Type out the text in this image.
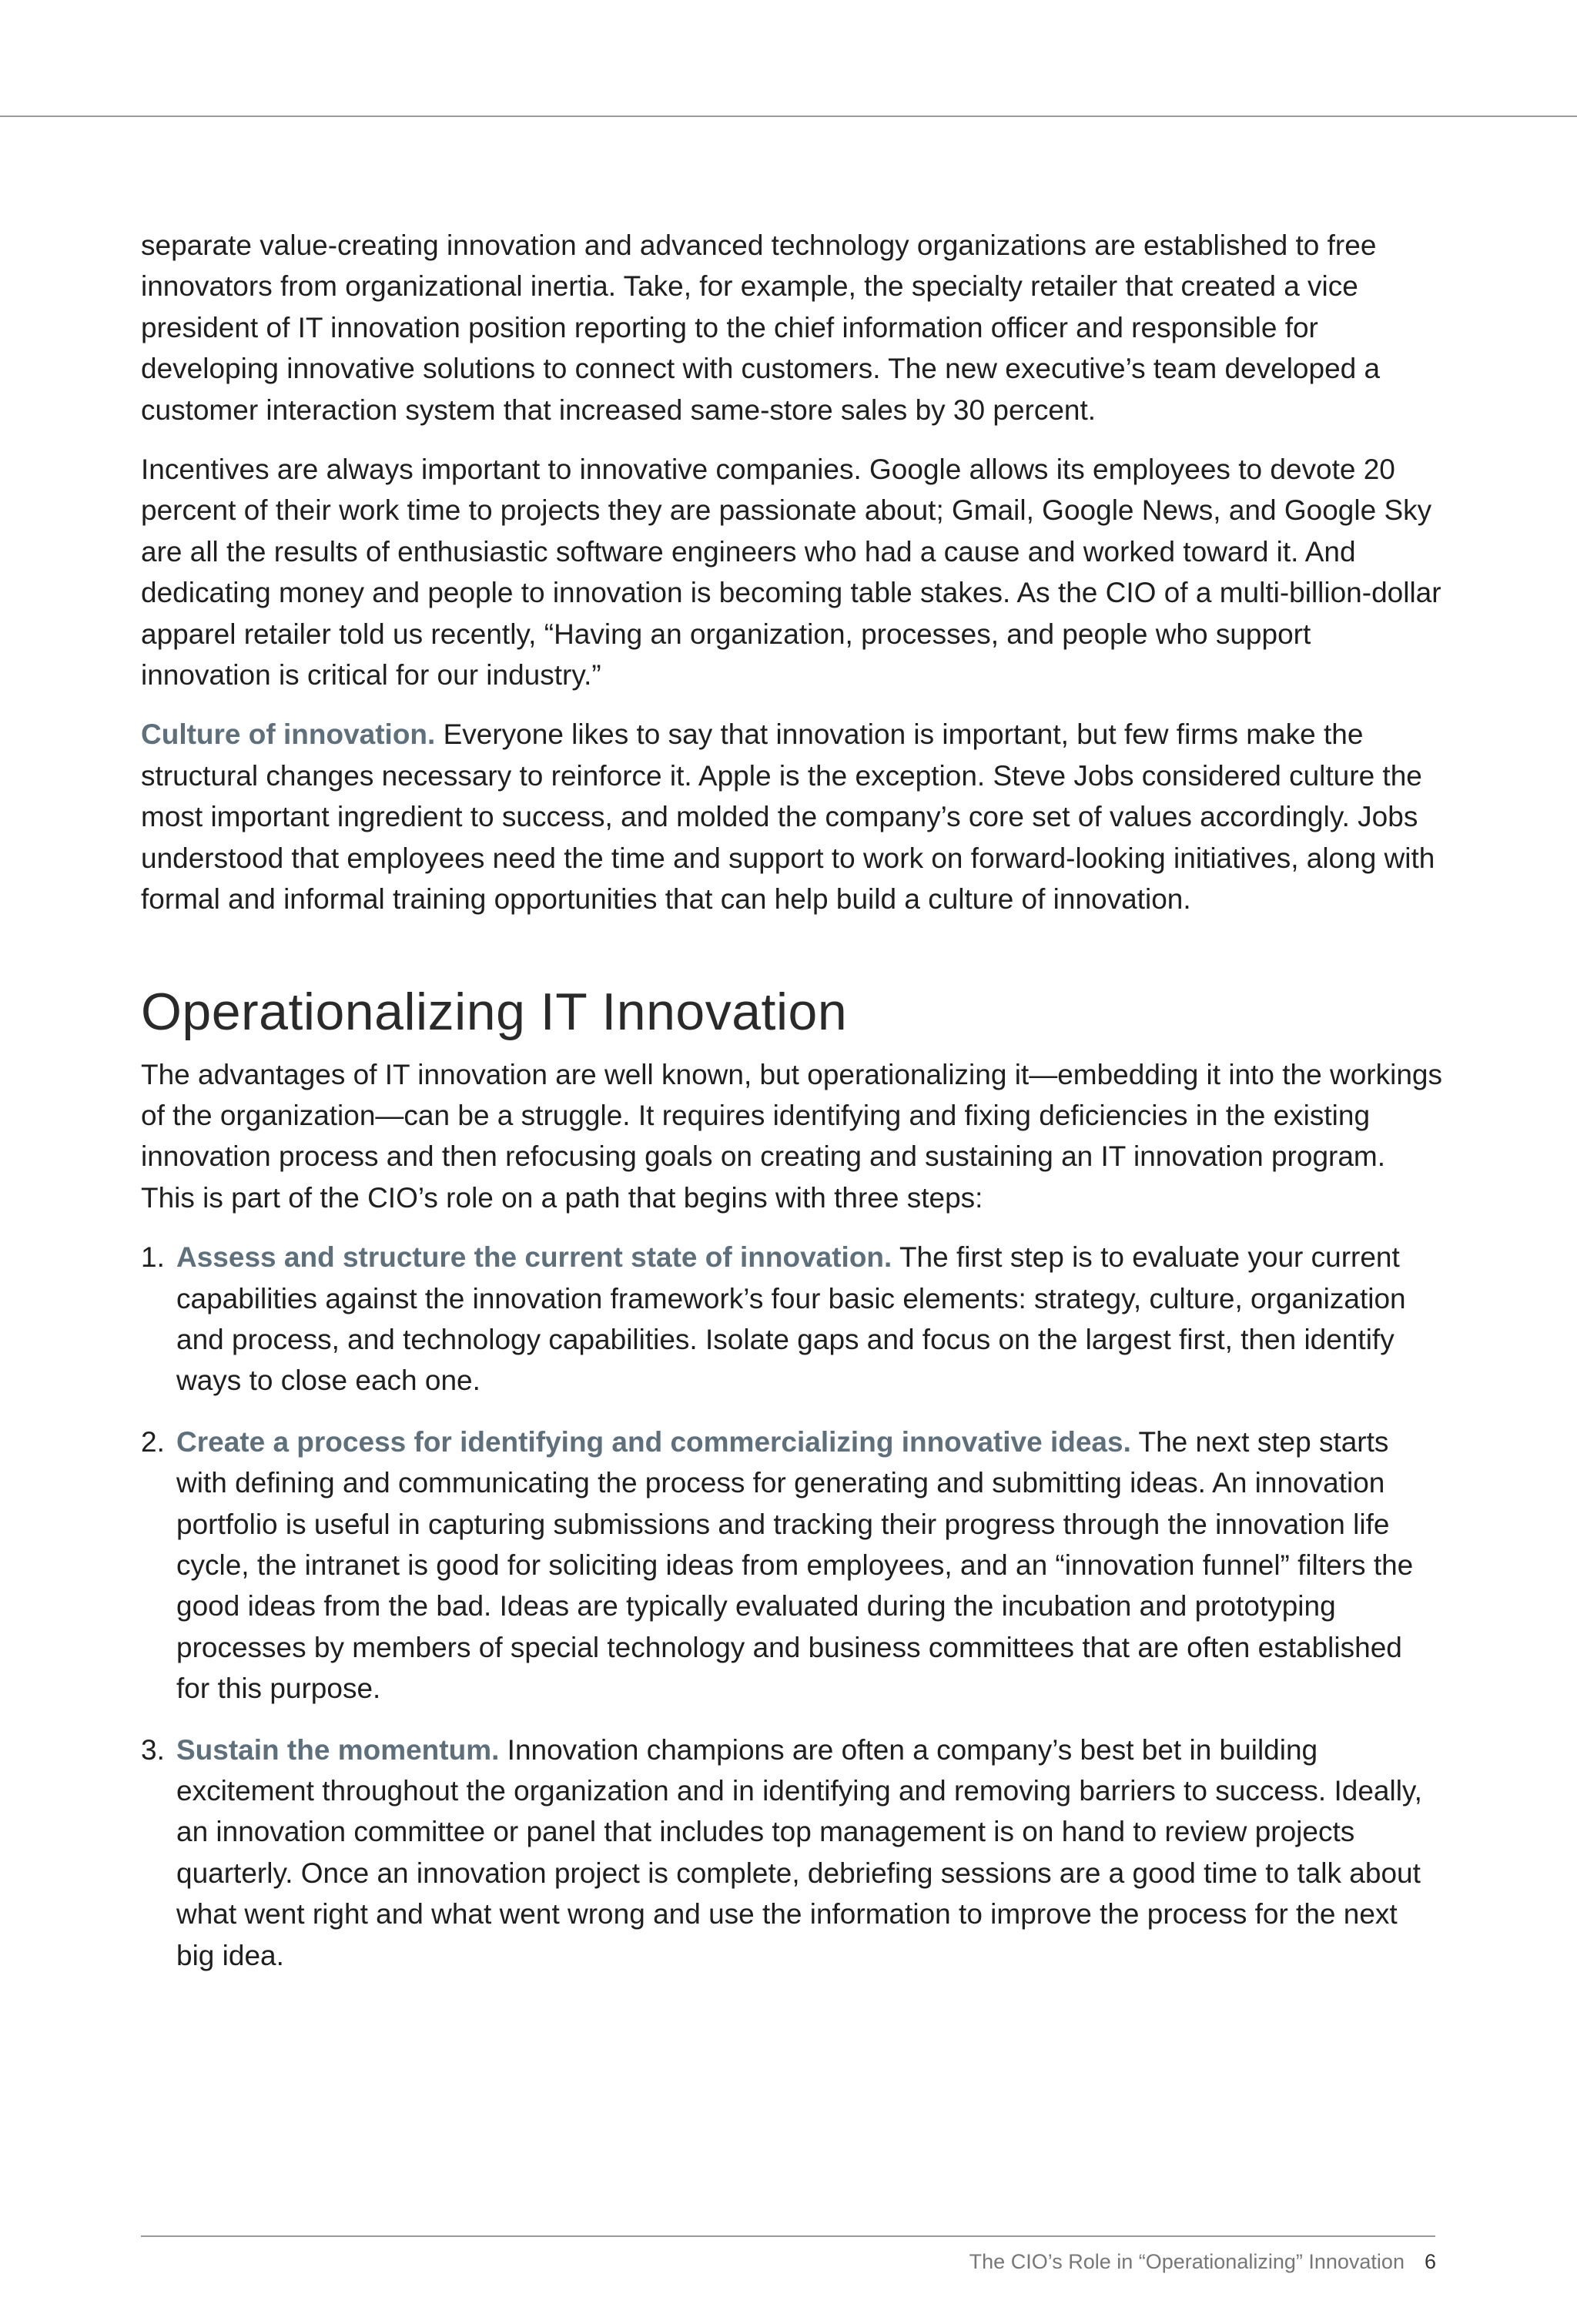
separate value-creating innovation and advanced technology organizations are established to free innovators from organizational inertia. Take, for example, the specialty retailer that created a vice president of IT innovation position reporting to the chief information officer and responsible for developing innovative solutions to connect with customers. The new executive’s team developed a customer interaction system that increased same-store sales by 30 percent.

Incentives are always important to innovative companies. Google allows its employees to devote 20 percent of their work time to projects they are passionate about; Gmail, Google News, and Google Sky are all the results of enthusiastic software engineers who had a cause and worked toward it. And dedicating money and people to innovation is becoming table stakes. As the CIO of a multi-billion-dollar apparel retailer told us recently, “Having an organization, processes, and people who support innovation is critical for our industry.”

Culture of innovation. Everyone likes to say that innovation is important, but few firms make the structural changes necessary to reinforce it. Apple is the exception. Steve Jobs considered culture the most important ingredient to success, and molded the company’s core set of values accordingly. Jobs understood that employees need the time and support to work on forward-looking initiatives, along with formal and informal training opportunities that can help build a culture of innovation.

Operationalizing IT Innovation

The advantages of IT innovation are well known, but operationalizing it—embedding it into the workings of the organization—can be a struggle. It requires identifying and fixing deficiencies in the existing innovation process and then refocusing goals on creating and sustaining an IT innovation program. This is part of the CIO’s role on a path that begins with three steps:

1. Assess and structure the current state of innovation. The first step is to evaluate your current capabilities against the innovation framework’s four basic elements: strategy, culture, organization and process, and technology capabilities. Isolate gaps and focus on the largest first, then identify ways to close each one.
2. Create a process for identifying and commercializing innovative ideas. The next step starts with defining and communicating the process for generating and submitting ideas. An innovation portfolio is useful in capturing submissions and tracking their progress through the innovation life cycle, the intranet is good for soliciting ideas from employees, and an “innovation funnel” filters the good ideas from the bad. Ideas are typically evaluated during the incubation and prototyping processes by members of special technology and business committees that are often established for this purpose.
3. Sustain the momentum. Innovation champions are often a company’s best bet in building excitement throughout the organization and in identifying and removing barriers to success. Ideally, an innovation committee or panel that includes top management is on hand to review projects quarterly. Once an innovation project is complete, debriefing sessions are a good time to talk about what went right and what went wrong and use the information to improve the process for the next big idea.
The CIO’s Role in “Operationalizing” Innovation 6
